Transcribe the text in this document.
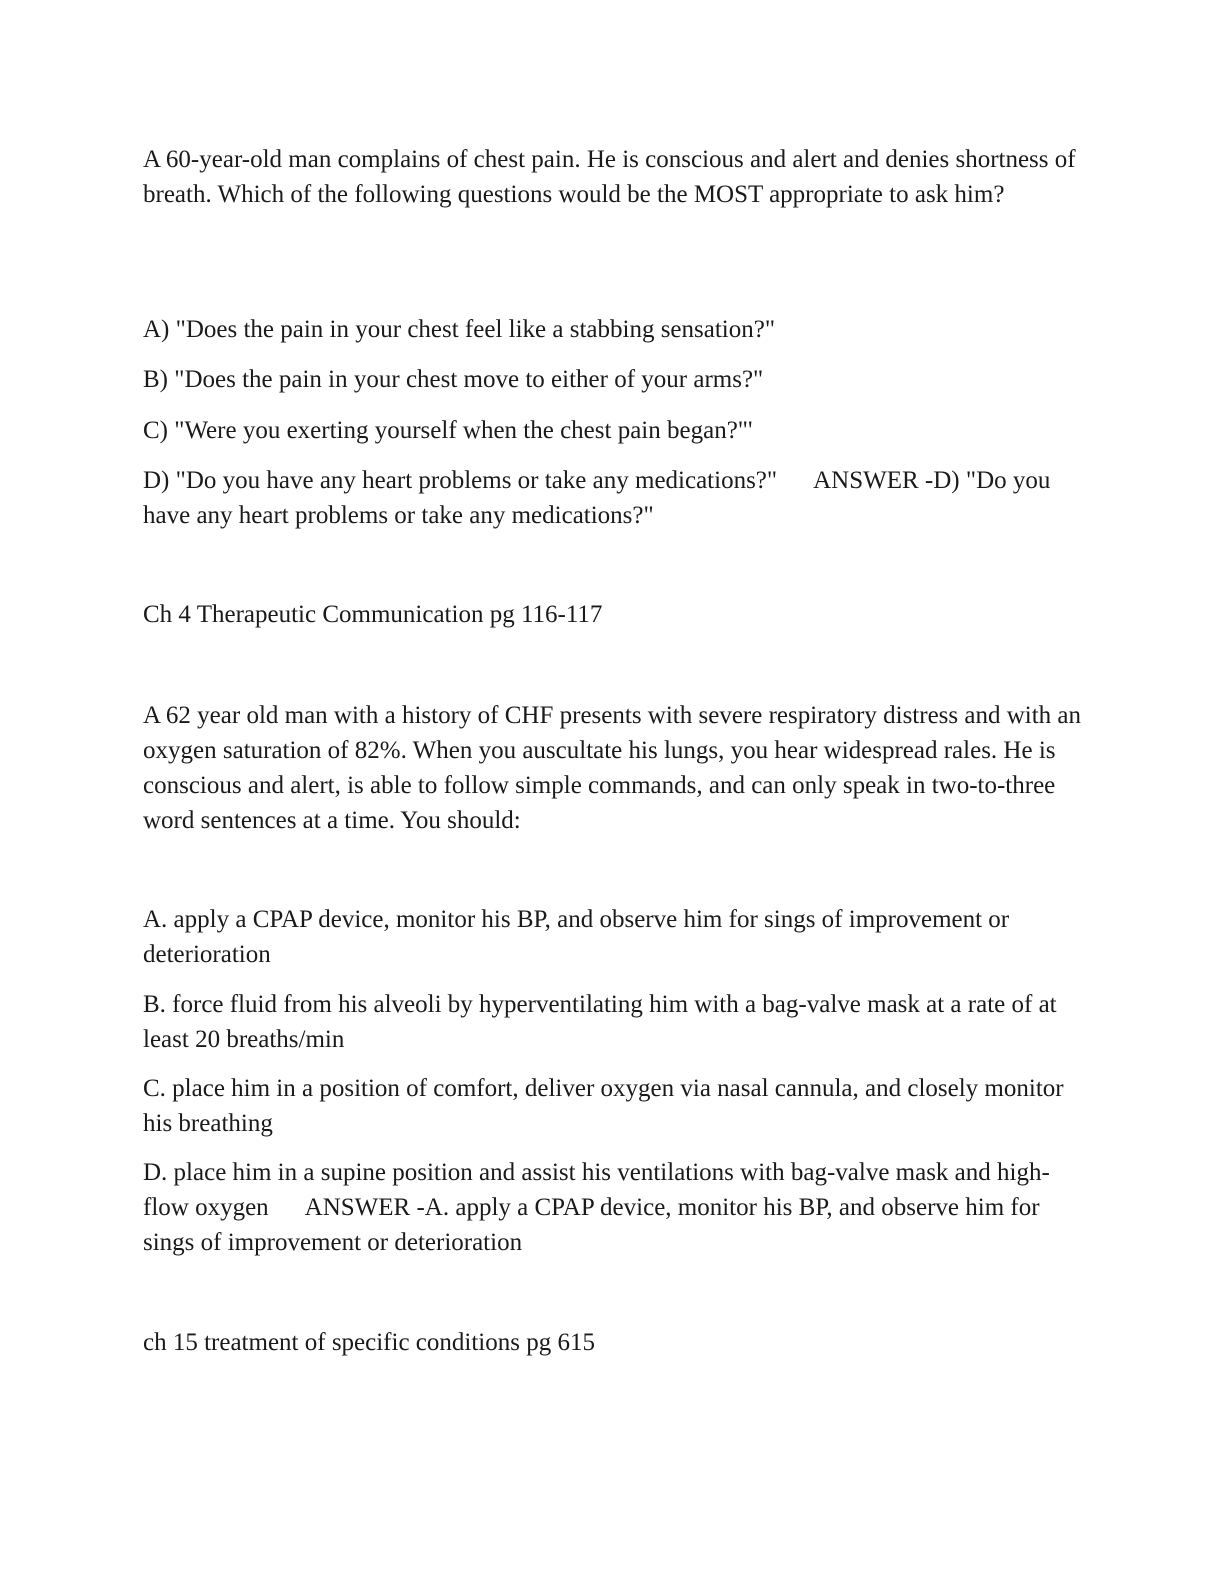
A 60-year-old man complains of chest pain. He is conscious and alert and denies shortness of breath. Which of the following questions would be the MOST appropriate to ask him?

A) "Does the pain in your chest feel like a stabbing sensation?"

B) "Does the pain in your chest move to either of your arms?"

C) "Were you exerting yourself when the chest pain began?"'

D) "Do you have any heart problems or take any medications?" ANSWER -D) "Do you have any heart problems or take any medications?"

Ch 4 Therapeutic Communication pg 116-117

A 62 year old man with a history of CHF presents with severe respiratory distress and with an oxygen saturation of 82%. When you auscultate his lungs, you hear widespread rales. He is conscious and alert, is able to follow simple commands, and can only speak in two-to-three word sentences at a time. You should:

A. apply a CPAP device, monitor his BP, and observe him for sings of improvement or deterioration

B. force fluid from his alveoli by hyperventilating him with a bag-valve mask at a rate of at least 20 breaths/min

C. place him in a position of comfort, deliver oxygen via nasal cannula, and closely monitor his breathing

D. place him in a supine position and assist his ventilations with bag-valve mask and high-flow oxygen ANSWER -A. apply a CPAP device, monitor his BP, and observe him for sings of improvement or deterioration

ch 15 treatment of specific conditions pg 615
